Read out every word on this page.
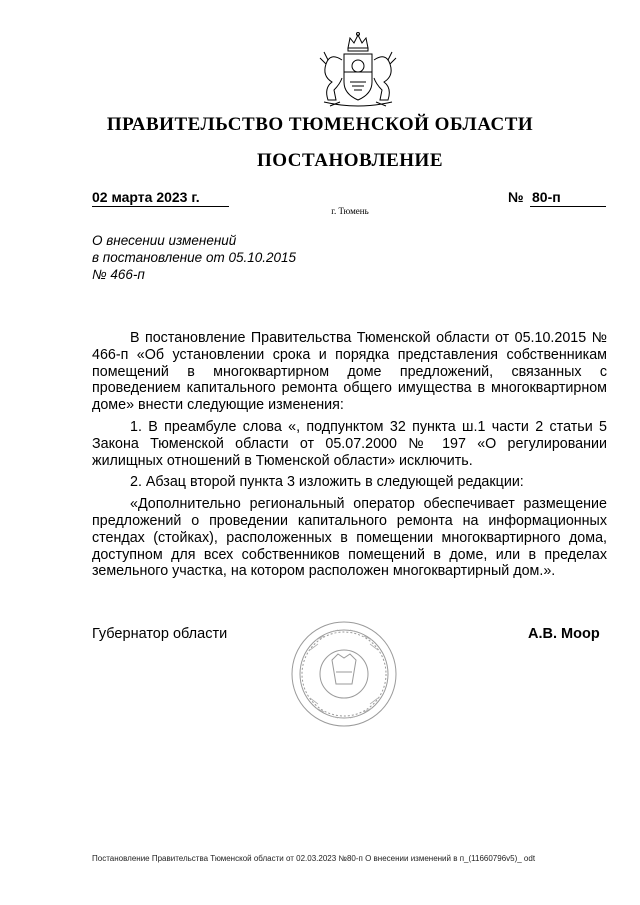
ПРАВИТЕЛЬСТВО ТЮМЕНСКОЙ ОБЛАСТИ
ПОСТАНОВЛЕНИЕ
02 марта 2023 г.	№ 80-п
г. Тюмень
О внесении изменений
в постановление от 05.10.2015
№ 466-п

В постановление Правительства Тюменской области от 05.10.2015 № 466-п «Об установлении срока и порядка представления собственникам помещений в многоквартирном доме предложений, связанных с проведением капитального ремонта общего имущества в многоквартирном доме» внести следующие изменения:

1. В преамбуле слова «, подпунктом 32 пункта ш.1 части 2 статьи 5 Закона Тюменской области от 05.07.2000 № 197 «О регулировании жилищных отношений в Тюменской области» исключить.

2. Абзац второй пункта 3 изложить в следующей редакции:

«Дополнительно региональный оператор обеспечивает размещение предложений о проведении капитального ремонта на информационных стендах (стойках), расположенных в помещении многоквартирного дома, доступном для всех собственников помещений в доме, или в пределах земельного участка, на котором расположен многоквартирный дом.».

Губернатор области	А.В. Моор
Постановление Правительства Тюменской области от 02.03.2023 №80-п О внесении изменений в п_(11660796v5)_ odt
